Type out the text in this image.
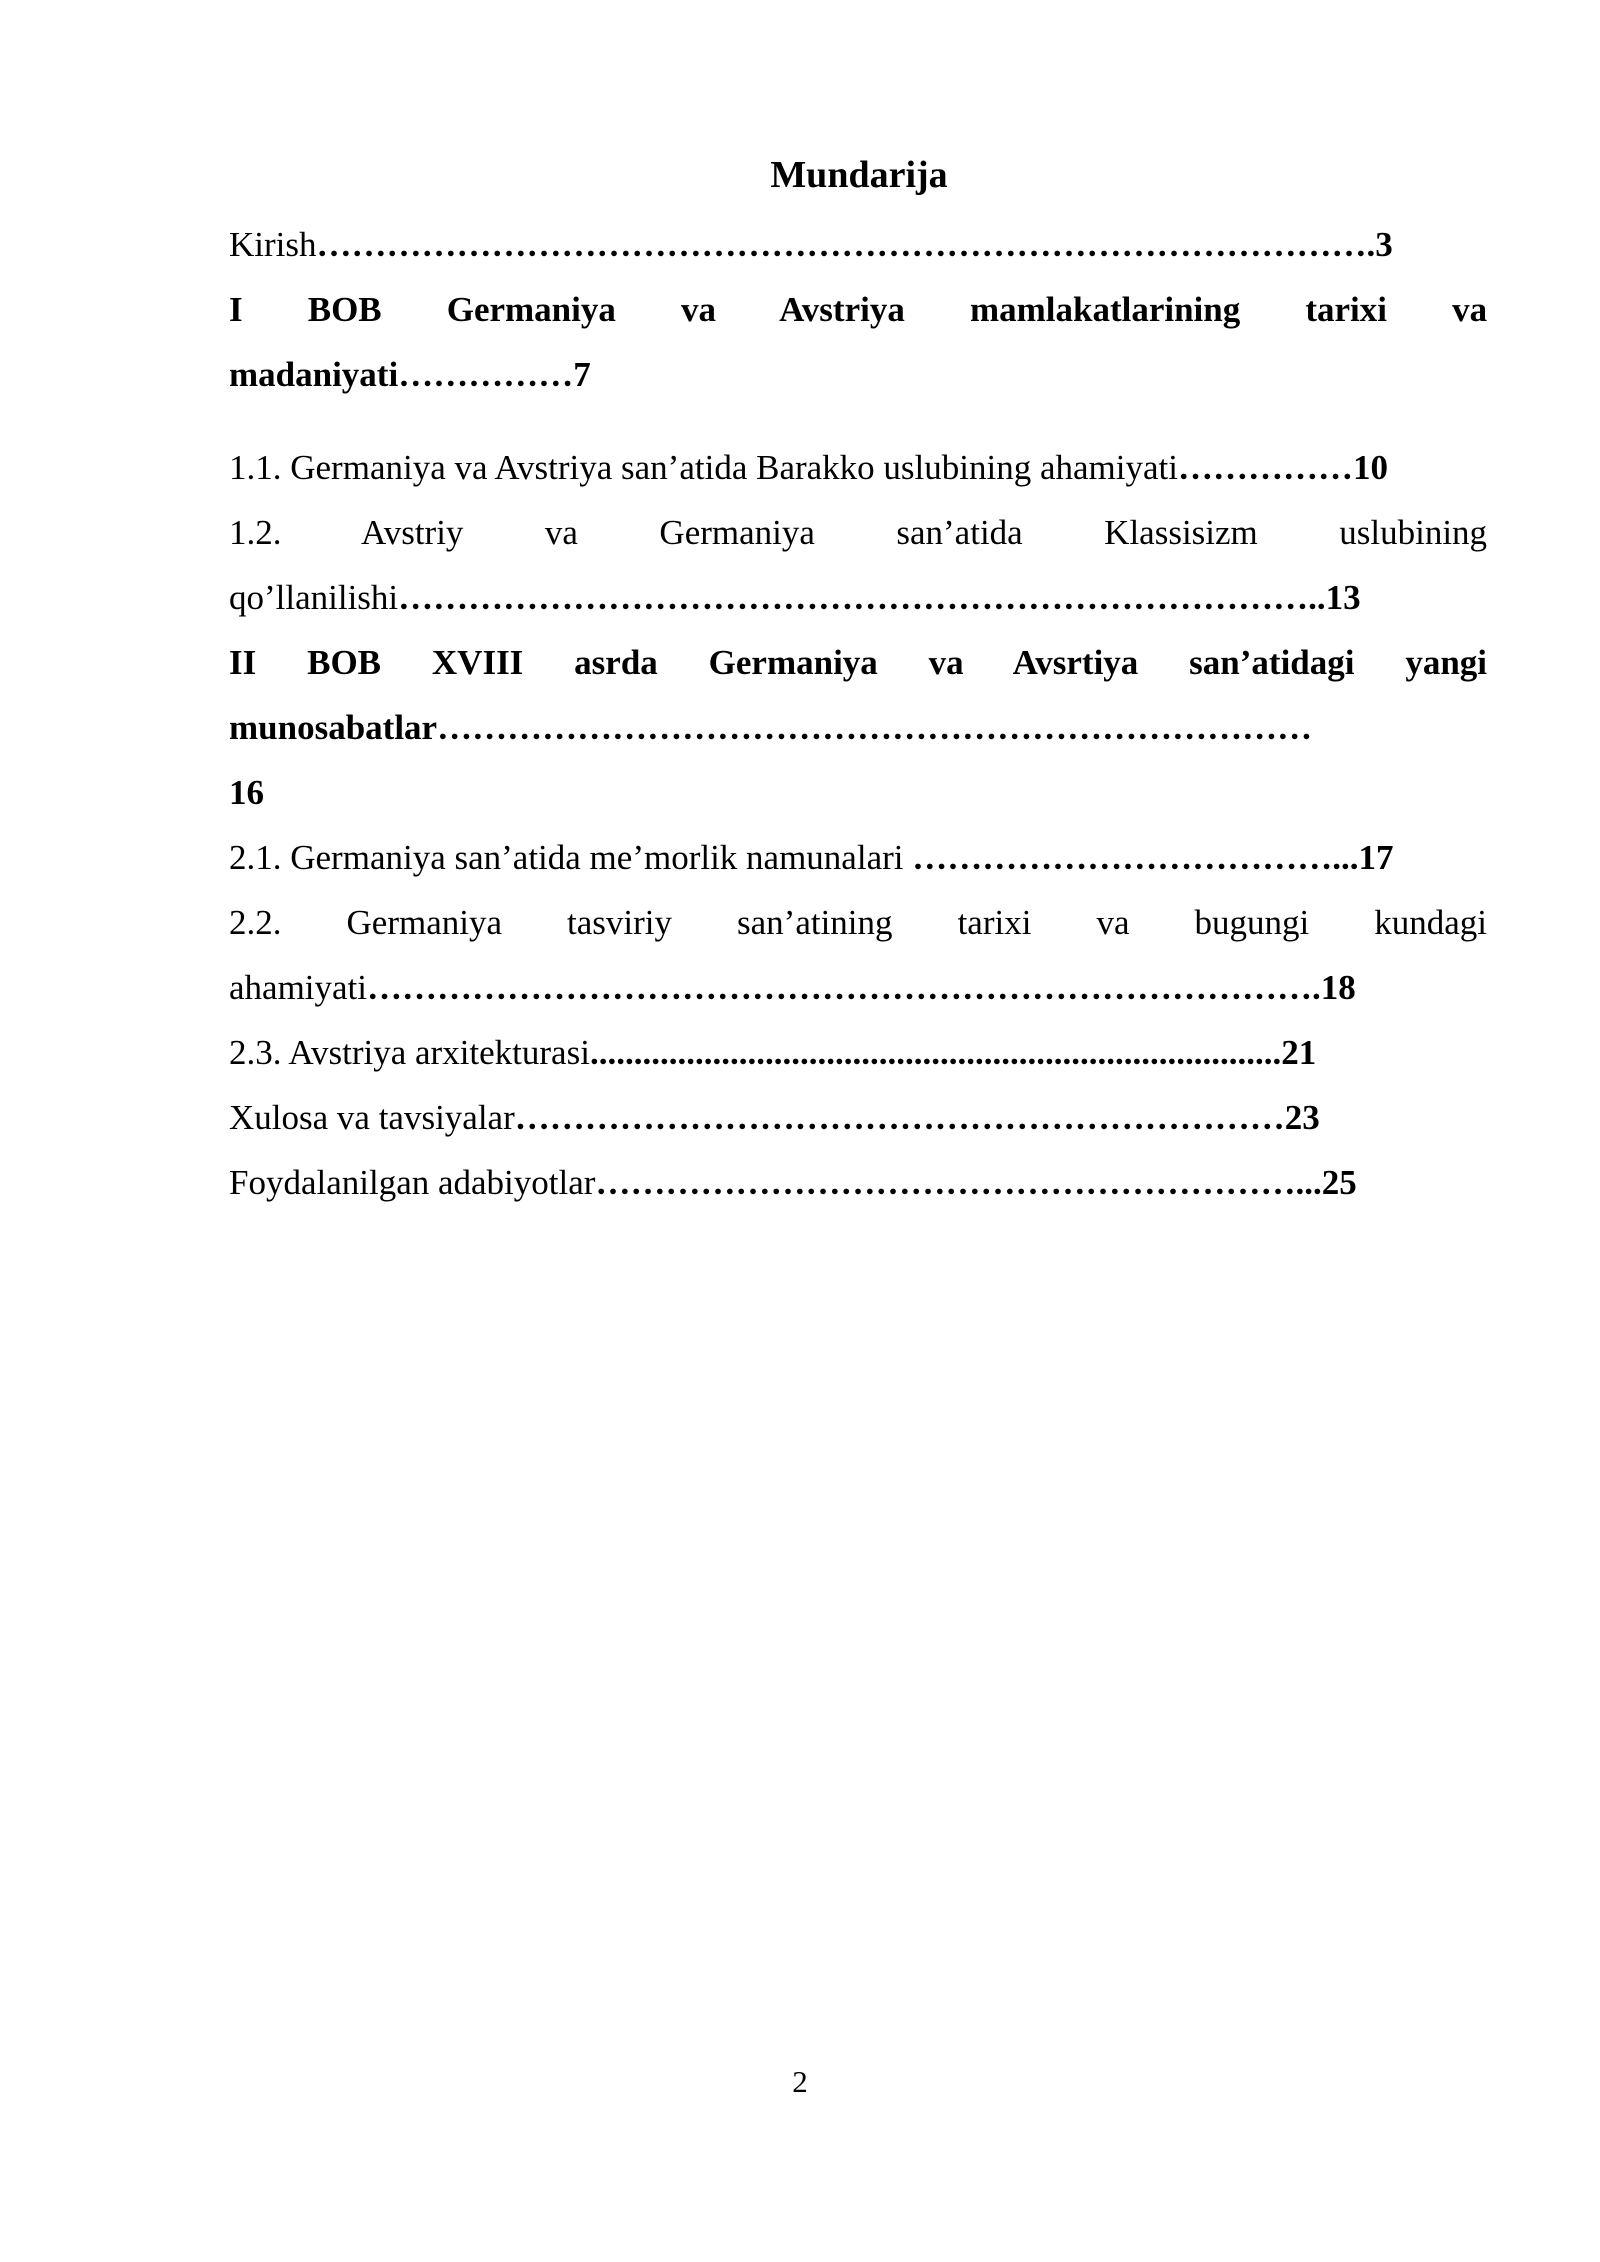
Mundarija
Kirish……………………………………………………………………………….3
I BOB Germaniya va Avstriya mamlakatlarining tarixi va
madaniyati……………7
1.1. Germaniya va Avstriya san’atida Barakko uslubining ahamiyati……………10
1.2. Avstriy va Germaniya san’atida Klassisizm uslubining
qo’llanilishi……………………………………………………………………..13
II BOB XVIII asrda Germaniya va Avsrtiya san’atidagi yangi
munosabatlar…………………………………………………………………
16
2.1. Germaniya san’atida me’morlik namunalari ………………………………...17
2.2. Germaniya tasviriy san’atining tarixi va bugungi kundagi
ahamiyati……………………………………………………………………….18
2.3. Avstriya arxitekturasi...............................................................................21
Xulosa va tavsiyalar…………………………………………………………23
Foydalanilgan adabiyotlar……………………………………………………...25
2
